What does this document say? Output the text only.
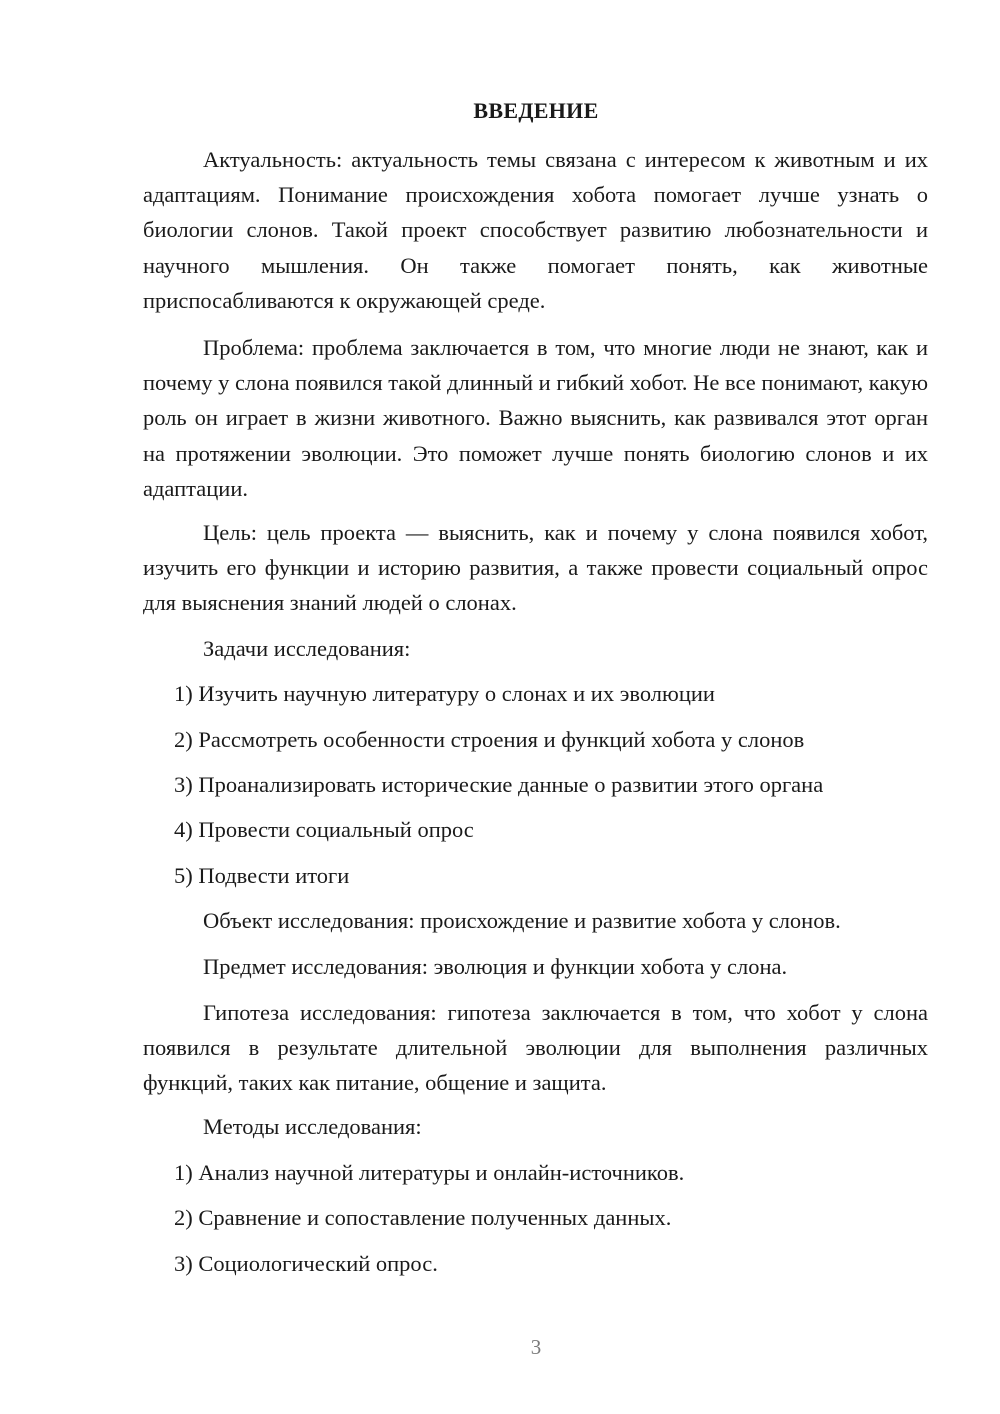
ВВЕДЕНИЕ

Актуальность: актуальность темы связана с интересом к животным и их адаптациям. Понимание происхождения хобота помогает лучше узнать о биологии слонов. Такой проект способствует развитию любознательности и научного мышления. Он также помогает понять, как животные приспосабливаются к окружающей среде.

Проблема: проблема заключается в том, что многие люди не знают, как и почему у слона появился такой длинный и гибкий хобот. Не все понимают, какую роль он играет в жизни животного. Важно выяснить, как развивался этот орган на протяжении эволюции. Это поможет лучше понять биологию слонов и их адаптации.

Цель: цель проекта — выяснить, как и почему у слона появился хобот, изучить его функции и историю развития, а также провести социальный опрос для выяснения знаний людей о слонах.

Задачи исследования:

1) Изучить научную литературу о слонах и их эволюции

2) Рассмотреть особенности строения и функций хобота у слонов

3) Проанализировать исторические данные о развитии этого органа

4) Провести социальный опрос

5) Подвести итоги

Объект исследования: происхождение и развитие хобота у слонов.

Предмет исследования: эволюция и функции хобота у слона.

Гипотеза исследования: гипотеза заключается в том, что хобот у слона появился в результате длительной эволюции для выполнения различных функций, таких как питание, общение и защита.

Методы исследования:

1) Анализ научной литературы и онлайн-источников.

2) Сравнение и сопоставление полученных данных.

3) Социологический опрос.

3
